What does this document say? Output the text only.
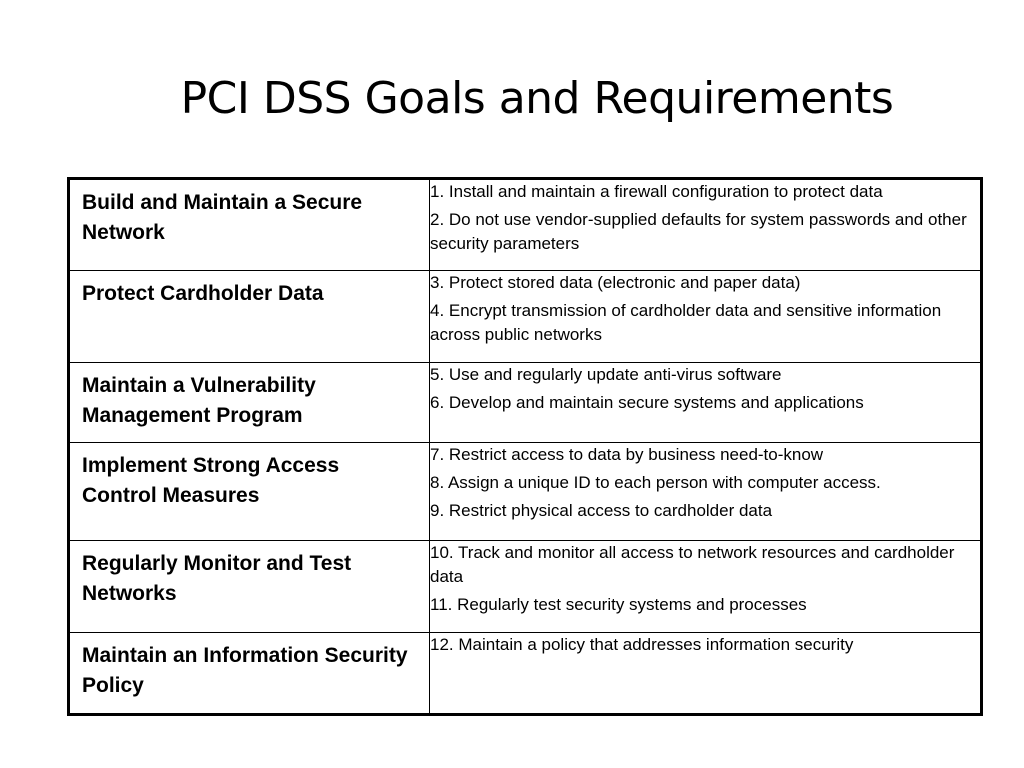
PCI DSS Goals and Requirements
Build and Maintain a Secure Network	1. Install and maintain a firewall configuration to protect data
2. Do not use vendor-supplied defaults for system passwords and other security parameters

Protect Cardholder Data	3. Protect stored data (electronic and paper data)
4. Encrypt transmission of cardholder data and sensitive information across public networks

Maintain a Vulnerability Management Program	5. Use and regularly update anti-virus software
6. Develop and maintain secure systems and applications

Implement Strong Access Control Measures	7. Restrict access to data by business need-to-know
8. Assign a unique ID to each person with computer access.
9. Restrict physical access to cardholder data

Regularly Monitor and Test Networks	10. Track and monitor all access to network resources and cardholder data
11. Regularly test security systems and processes

Maintain an Information Security Policy	12. Maintain a policy that addresses information security
